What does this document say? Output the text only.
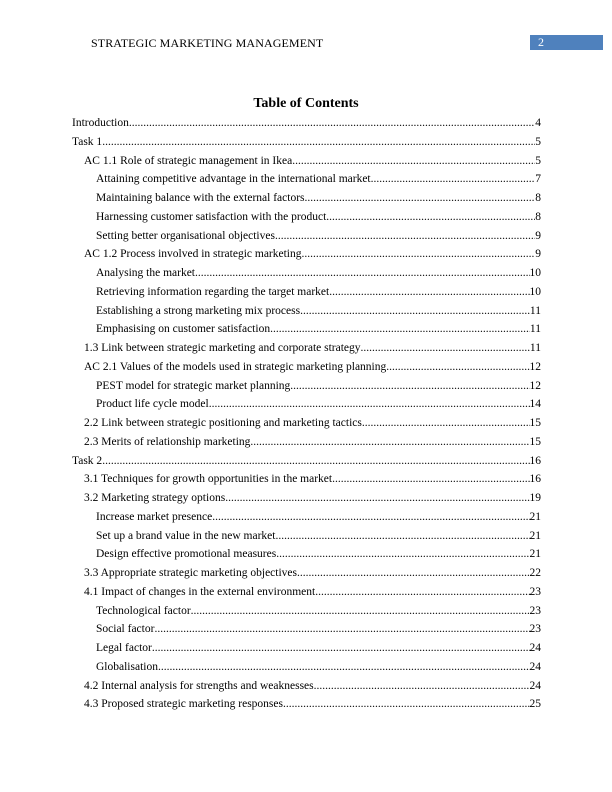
STRATEGIC MARKETING MANAGEMENT	2
Table of Contents
Introduction .....	4
Task 1 .....	5
AC 1.1 Role of strategic management in Ikea .....	5
Attaining competitive advantage in the international market .....	7
Maintaining balance with the external factors .....	8
Harnessing customer satisfaction with the product .....	8
Setting better organisational objectives .....	9
AC 1.2 Process involved in strategic marketing .....	9
Analysing the market .....	10
Retrieving information regarding the target market .....	10
Establishing a strong marketing mix process .....	11
Emphasising on customer satisfaction .....	11
1.3 Link between strategic marketing and corporate strategy .....	11
AC 2.1 Values of the models used in strategic marketing planning .....	12
PEST model for strategic market planning .....	12
Product life cycle model .....	14
2.2 Link between strategic positioning and marketing tactics .....	15
2.3 Merits of relationship marketing .....	15
Task 2 .....	16
3.1 Techniques for growth opportunities in the market .....	16
3.2 Marketing strategy options .....	19
Increase market presence .....	21
Set up a brand value in the new market .....	21
Design effective promotional measures .....	21
3.3 Appropriate strategic marketing objectives .....	22
4.1 Impact of changes in the external environment .....	23
Technological factor .....	23
Social factor .....	23
Legal factor .....	24
Globalisation .....	24
4.2 Internal analysis for strengths and weaknesses .....	24
4.3 Proposed strategic marketing responses .....	25
